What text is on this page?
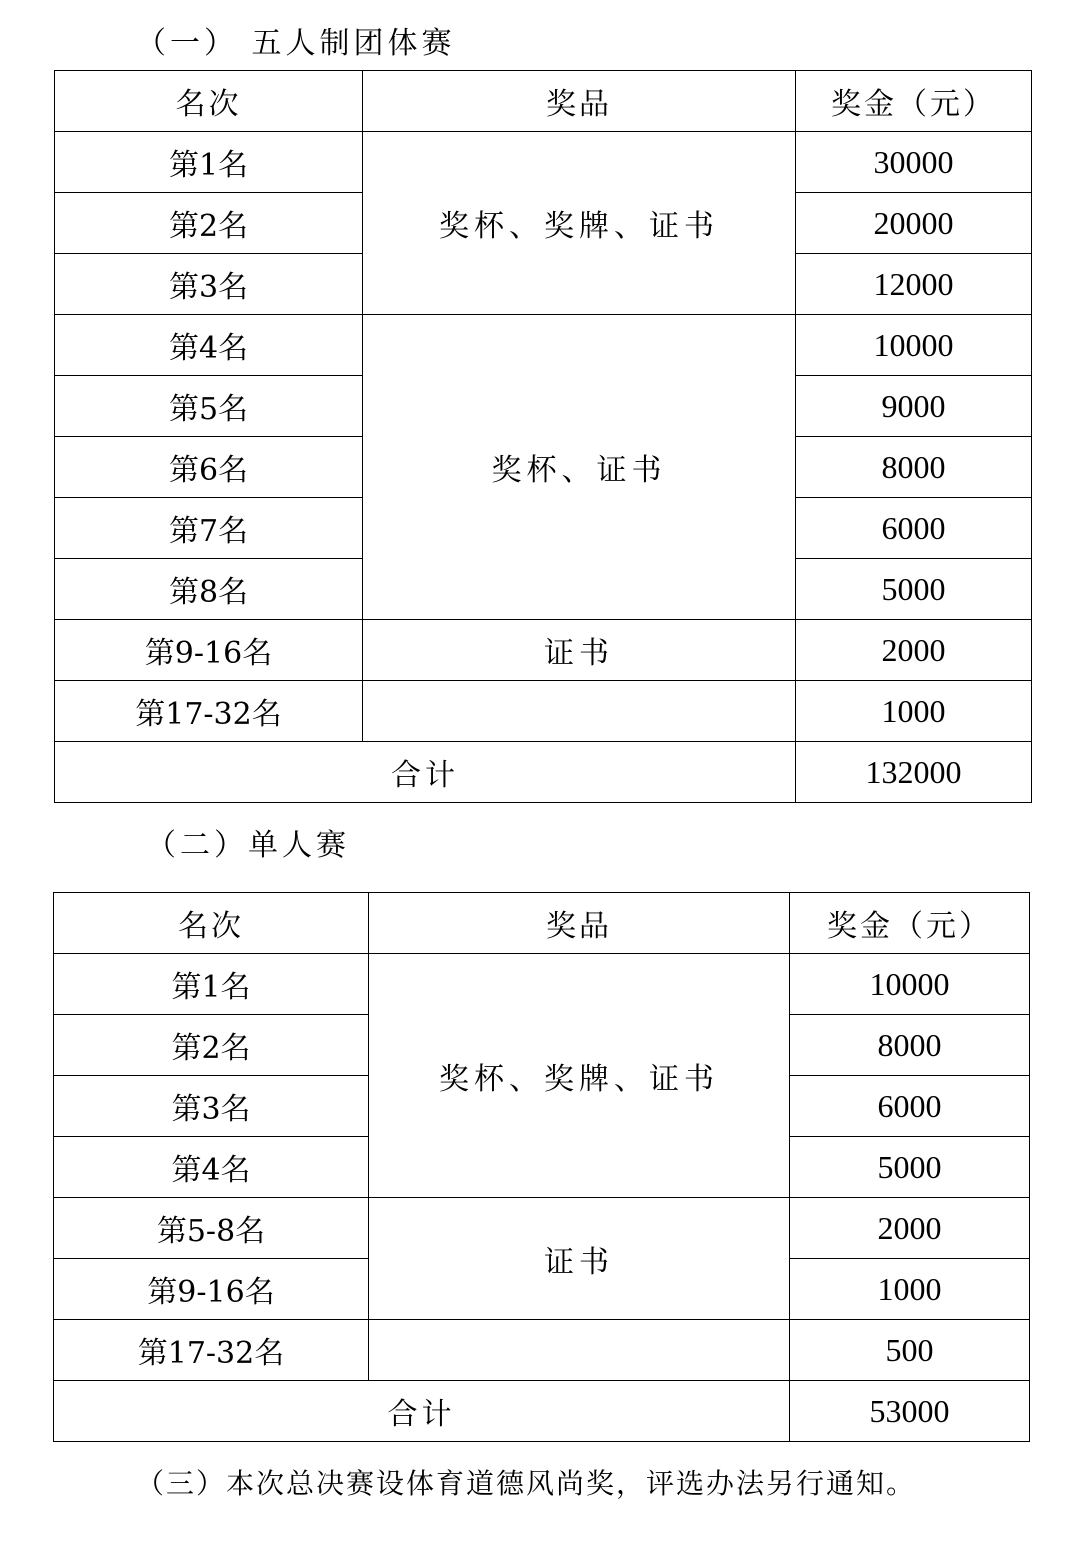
（一） 五人制团体赛
名次	奖品	奖金（元）
第1名	奖杯、奖牌、证书	30000
第2名		20000
第3名		12000
第4名	奖杯、证书	10000
第5名		9000
第6名		8000
第7名		6000
第8名		5000
第9-16名	证书	2000
第17-32名		1000
合计		132000
（二）单人赛
名次	奖品	奖金（元）
第1名	奖杯、奖牌、证书	10000
第2名		8000
第3名		6000
第4名		5000
第5-8名	证书	2000
第9-16名		1000
第17-32名		500
合计		53000
（三）本次总决赛设体育道德风尚奖，评选办法另行通知。
